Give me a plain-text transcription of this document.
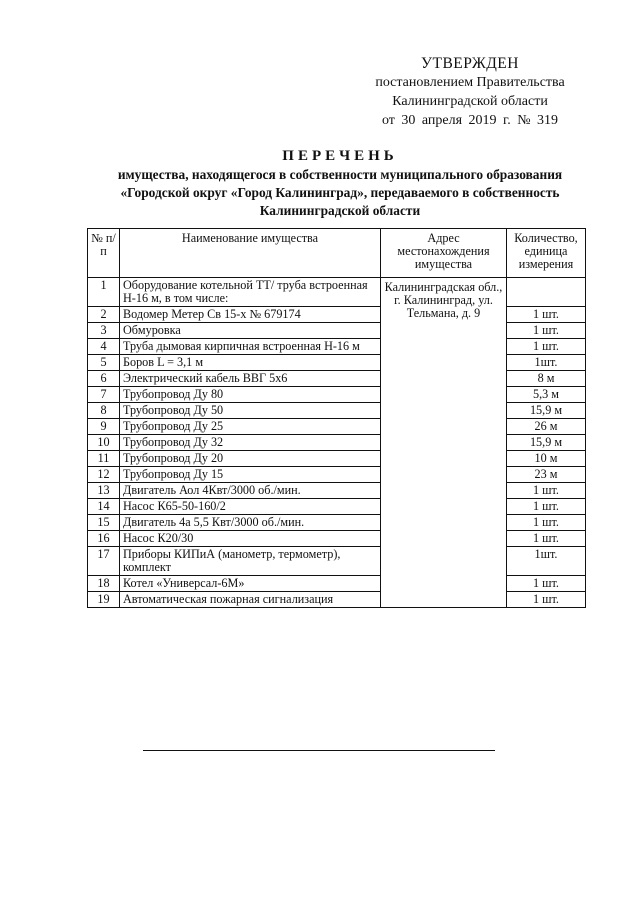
УТВЕРЖДЕН
постановлением Правительства
Калининградской области
от 30 апреля 2019 г. № 319
ПЕРЕЧЕНЬ
имущества, находящегося в собственности муниципального образования
«Городской округ «Город Калининград», передаваемого в собственность
Калининградской области
№ п/п	Наименование имущества	Адрес местонахождения имущества	Количество, единица измерения
1	Оборудование котельной ТТ/ труба встроенная Н-16 м, в том числе:	Калининградская обл., г. Калининград, ул. Тельмана, д. 9	
2	Водомер Метер Св 15-х № 679174		1 шт.
3	Обмуровка		1 шт.
4	Труба дымовая кирпичная встроенная Н-16 м		1 шт.
5	Боров L = 3,1 м		1шт.
6	Электрический кабель ВВГ 5х6		8 м
7	Трубопровод Ду 80		5,3 м
8	Трубопровод Ду 50		15,9 м
9	Трубопровод Ду 25		26 м
10	Трубопровод Ду 32		15,9 м
11	Трубопровод Ду 20		10 м
12	Трубопровод Ду 15		23 м
13	Двигатель Аол 4Квт/3000 об./мин.		1 шт.
14	Насос К65-50-160/2		1 шт.
15	Двигатель 4а 5,5 Квт/3000 об./мин.		1 шт.
16	Насос К20/30		1 шт.
17	Приборы КИПиА (манометр, термометр), комплект		1шт.
18	Котел «Универсал-6М»		1 шт.
19	Автоматическая пожарная сигнализация		1 шт.
